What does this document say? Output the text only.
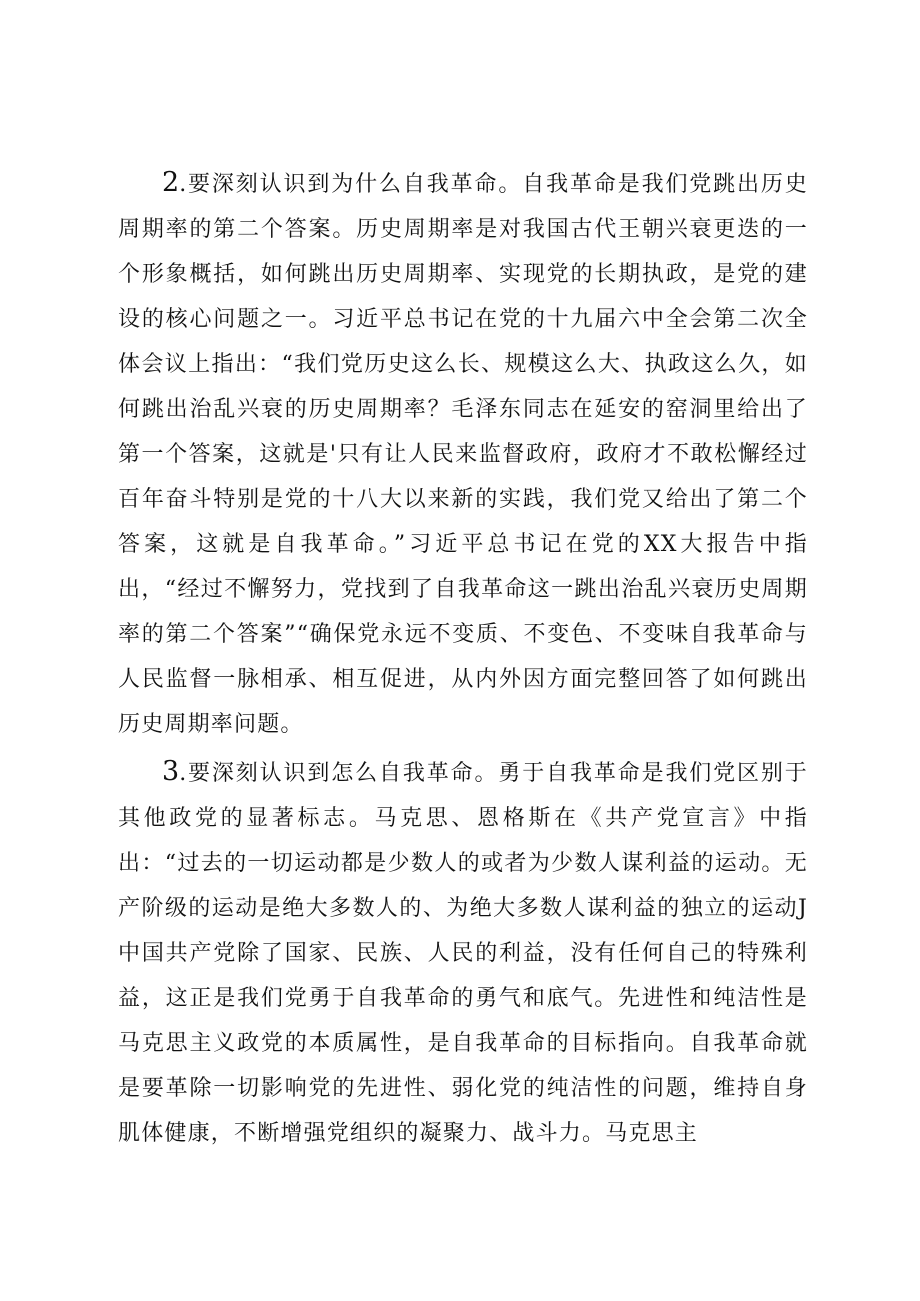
2.要深刻认识到为什么自我革命。自我革命是我们党跳出历史周期率的第二个答案。历史周期率是对我国古代王朝兴衰更迭的一个形象概括，如何跳出历史周期率、实现党的长期执政，是党的建设的核心问题之一。习近平总书记在党的十九届六中全会第二次全体会议上指出：“我们党历史这么长、规模这么大、执政这么久，如何跳出治乱兴衰的历史周期率？毛泽东同志在延安的窑洞里给出了第一个答案，这就是'只有让人民来监督政府，政府才不敢松懈经过百年奋斗特别是党的十八大以来新的实践，我们党又给出了第二个答案，这就是自我革命。”习近平总书记在党的XX大报告中指出，“经过不懈努力，党找到了自我革命这一跳出治乱兴衰历史周期率的第二个答案”“确保党永远不变质、不变色、不变味自我革命与人民监督一脉相承、相互促进，从内外因方面完整回答了如何跳出历史周期率问题。

3.要深刻认识到怎么自我革命。勇于自我革命是我们党区别于其他政党的显著标志。马克思、恩格斯在《共产党宣言》中指出：“过去的一切运动都是少数人的或者为少数人谋利益的运动。无产阶级的运动是绝大多数人的、为绝大多数人谋利益的独立的运动J中国共产党除了国家、民族、人民的利益，没有任何自己的特殊利益，这正是我们党勇于自我革命的勇气和底气。先进性和纯洁性是马克思主义政党的本质属性，是自我革命的目标指向。自我革命就是要革除一切影响党的先进性、弱化党的纯洁性的问题，维持自身肌体健康，不断增强党组织的凝聚力、战斗力。马克思主
